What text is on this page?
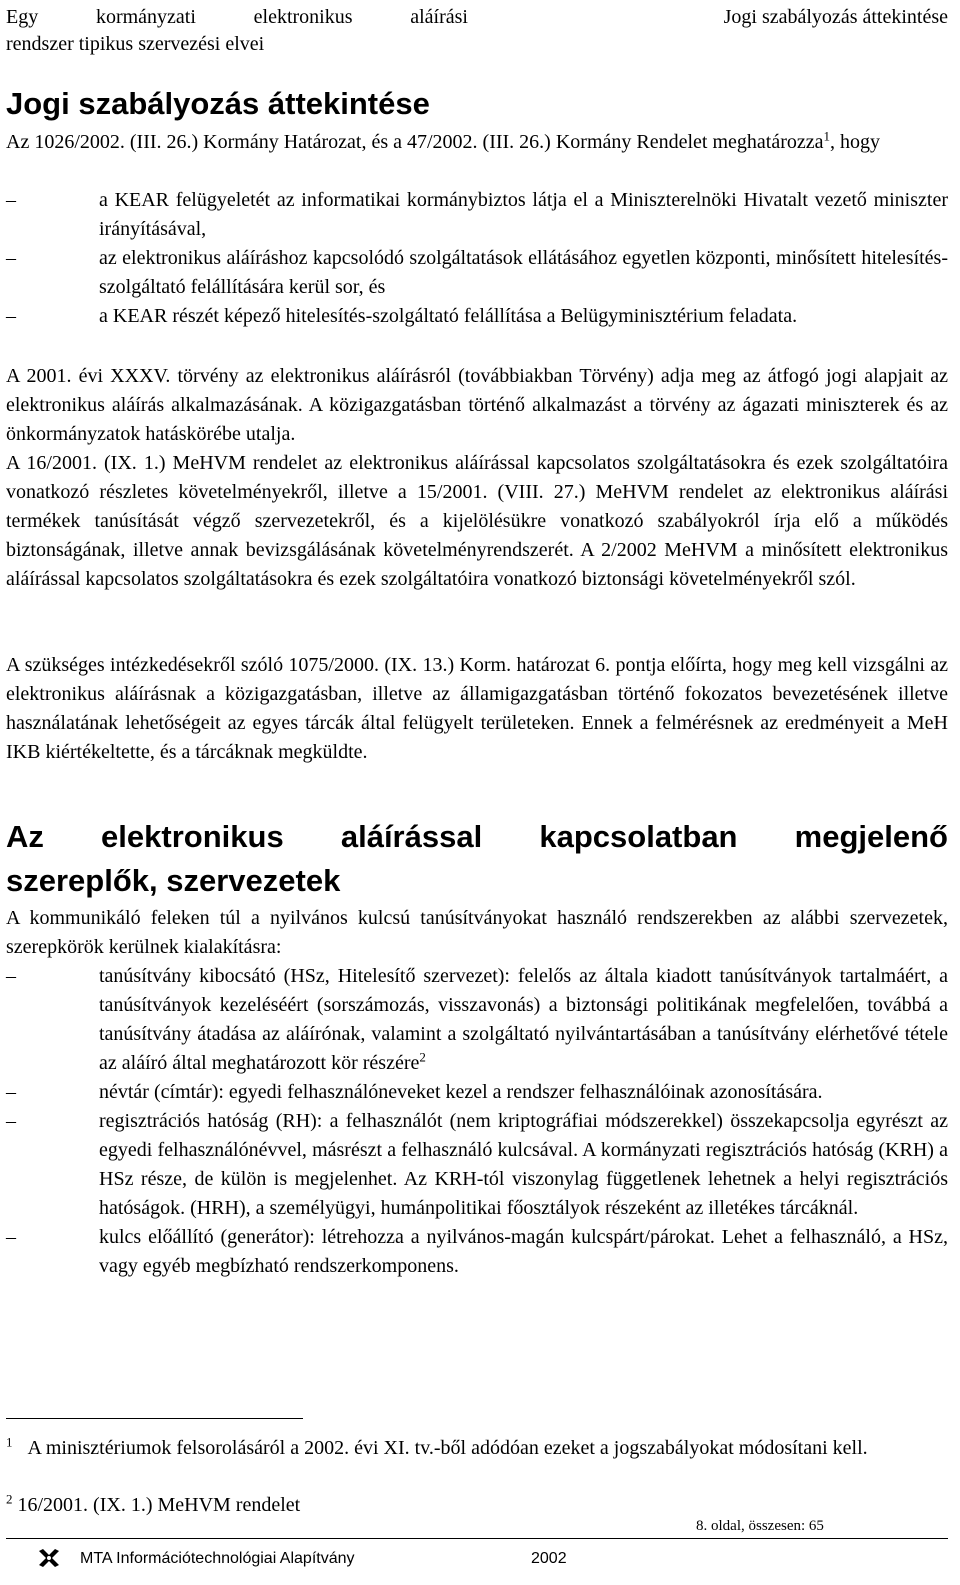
Egy kormányzati elektronikus aláírási
rendszer tipikus szervezési elvei
Jogi szabályozás áttekintése
Jogi szabályozás áttekintése
Az 1026/2002. (III. 26.) Kormány Határozat, és a 47/2002. (III. 26.) Kormány Rendelet meghatározza$^1$, hogy
–	a KEAR felügyeletét az informatikai kormánybiztos látja el a Miniszterelnöki Hivatalt vezető miniszter irányításával,
–	az elektronikus aláíráshoz kapcsolódó szolgáltatások ellátásához egyetlen központi, minősített hitelesítés-szolgáltató felállítására kerül sor, és
–	a KEAR részét képező hitelesítés-szolgáltató felállítása a Belügyminisztérium feladata.
A 2001. évi XXXV. törvény az elektronikus aláírásról (továbbiakban Törvény) adja meg az átfogó jogi alapjait az elektronikus aláírás alkalmazásának. A közigazgatásban történő alkalmazást a törvény az ágazati miniszterek és az önkormányzatok hatáskörébe utalja.
A 16/2001. (IX. 1.) MeHVM rendelet az elektronikus aláírással kapcsolatos szolgáltatásokra és ezek szolgáltatóira vonatkozó részletes követelményekről, illetve a 15/2001. (VIII. 27.) MeHVM rendelet az elektronikus aláírási termékek tanúsítását végző szervezetekről, és a kijelölésükre vonatkozó szabályokról írja elő a működés biztonságának, illetve annak bevizsgálásának követelményrendszerét. A 2/2002 MeHVM a minősített elektronikus aláírással kapcsolatos szolgáltatásokra és ezek szolgáltatóira vonatkozó biztonsági követelményekről szól.
A szükséges intézkedésekről szóló 1075/2000. (IX. 13.) Korm. határozat 6. pontja előírta, hogy meg kell vizsgálni az elektronikus aláírásnak a közigazgatásban, illetve az államigazgatásban történő fokozatos bevezetésének illetve használatának lehetőségeit az egyes tárcák által felügyelt területeken. Ennek a felmérésnek az eredményeit a MeH IKB kiértékeltette, és a tárcáknak megküldte.
Az elektronikus aláírással kapcsolatban megjelenő
szereplők, szervezetek
A kommunikáló feleken túl a nyilvános kulcsú tanúsítványokat használó rendszerekben az alábbi szervezetek, szerepkörök kerülnek kialakításra:
–	tanúsítvány kibocsátó (HSz, Hitelesítő szervezet): felelős az általa kiadott tanúsítványok tartalmáért, a tanúsítványok kezeléséért (sorszámozás, visszavonás) a biztonsági politikának megfelelően, továbbá a tanúsítvány átadása az aláírónak, valamint a szolgáltató nyilvántartásában a tanúsítvány elérhetővé tétele az aláíró által meghatározott kör részére$^2$
–	névtár (címtár): egyedi felhasználóneveket kezel a rendszer felhasználóinak azonosítására.
–	regisztrációs hatóság (RH): a felhasználót (nem kriptográfiai módszerekkel) összekapcsolja egyrészt az egyedi felhasználónévvel, másrészt a felhasználó kulcsával. A kormányzati regisztrációs hatóság (KRH) a HSz része, de külön is megjelenhet. Az KRH-tól viszonylag függetlenek lehetnek a helyi regisztrációs hatóságok. (HRH), a személyügyi, humánpolitikai főosztályok részeként az illetékes tárcáknál.
–	kulcs előállító (generátor): létrehozza a nyilvános-magán kulcspárt/párokat. Lehet a felhasználó, a HSz, vagy egyéb megbízható rendszerkomponens.
$^1$ A minisztériumok felsorolásáról a 2002. évi XI. tv.-ből adódóan ezeket a jogszabályokat módosítani kell.
$^2$ 16/2001. (IX. 1.) MeHVM rendelet
8. oldal, összesen: 65
MTA Információtechnológiai Alapítvány	2002
